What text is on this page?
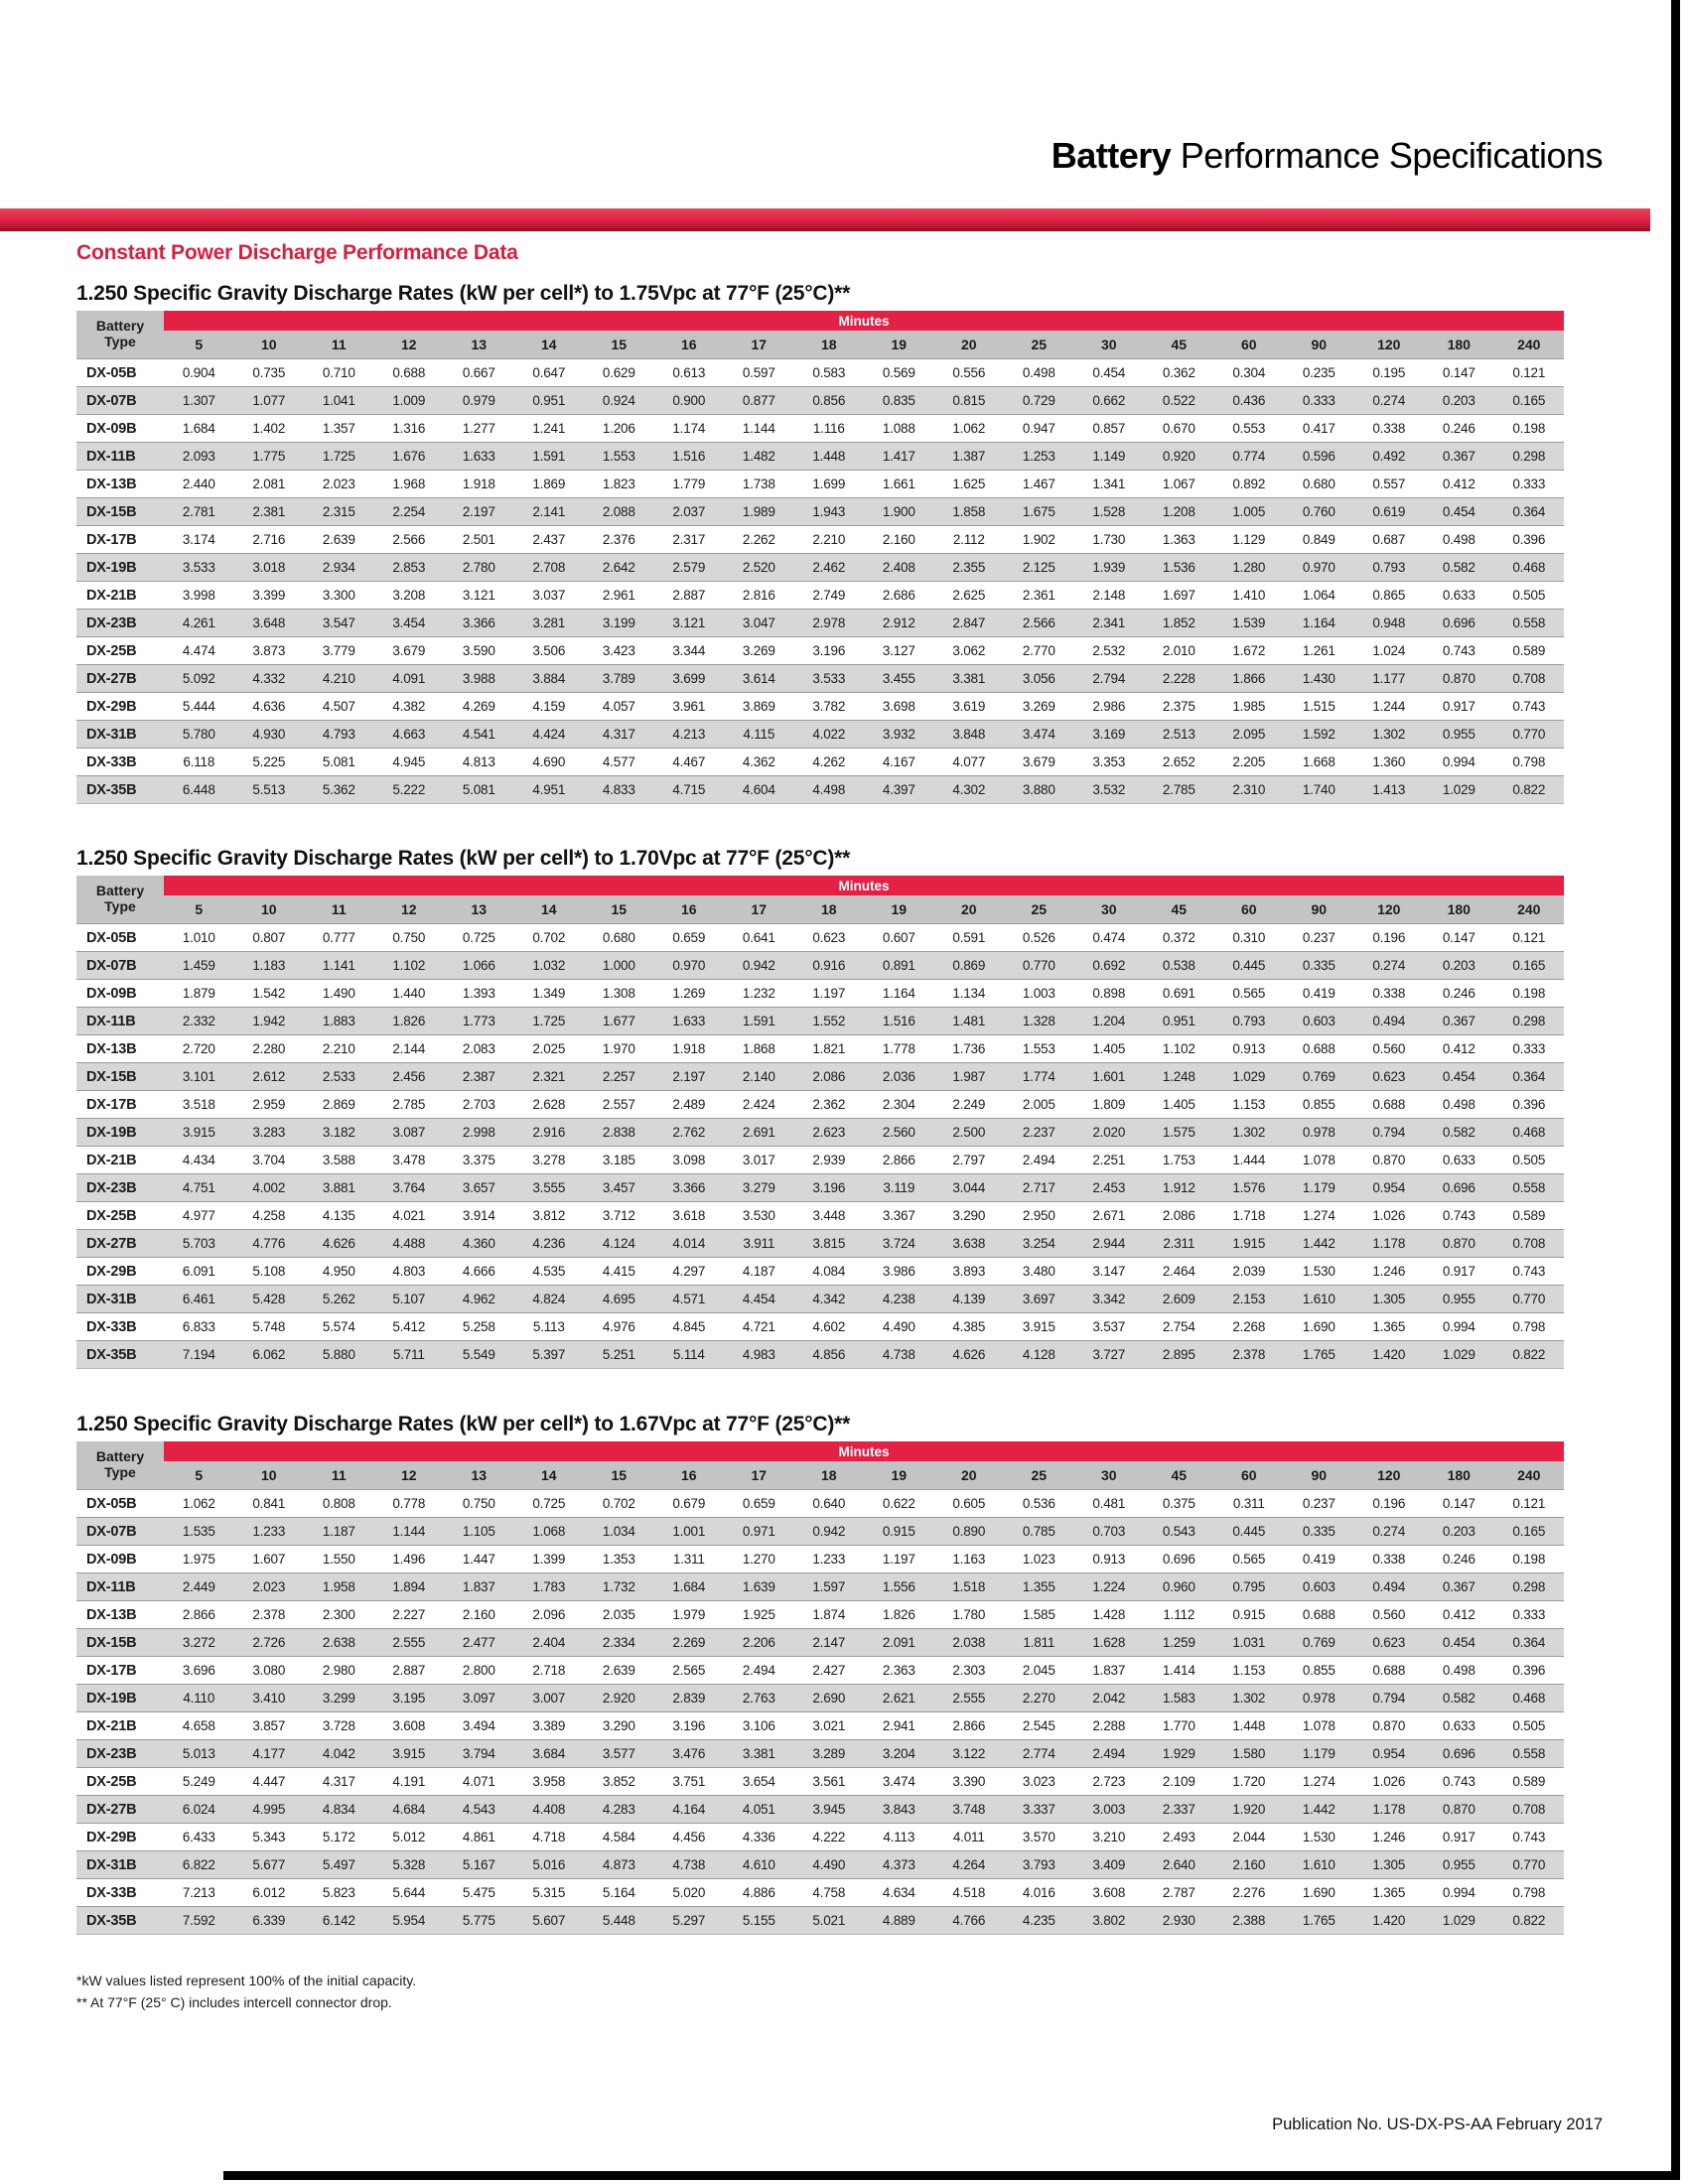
Battery Performance Specifications
Constant Power Discharge Performance Data
1.250 Specific Gravity Discharge Rates (kW per cell*) to 1.75Vpc at 77°F (25°C)**
Battery
Type	Minutes																			
	5	10	11	12	13	14	15	16	17	18	19	20	25	30	45	60	90	120	180	240
DX-05B	0.904	0.735	0.710	0.688	0.667	0.647	0.629	0.613	0.597	0.583	0.569	0.556	0.498	0.454	0.362	0.304	0.235	0.195	0.147	0.121
DX-07B	1.307	1.077	1.041	1.009	0.979	0.951	0.924	0.900	0.877	0.856	0.835	0.815	0.729	0.662	0.522	0.436	0.333	0.274	0.203	0.165
DX-09B	1.684	1.402	1.357	1.316	1.277	1.241	1.206	1.174	1.144	1.116	1.088	1.062	0.947	0.857	0.670	0.553	0.417	0.338	0.246	0.198
DX-11B	2.093	1.775	1.725	1.676	1.633	1.591	1.553	1.516	1.482	1.448	1.417	1.387	1.253	1.149	0.920	0.774	0.596	0.492	0.367	0.298
DX-13B	2.440	2.081	2.023	1.968	1.918	1.869	1.823	1.779	1.738	1.699	1.661	1.625	1.467	1.341	1.067	0.892	0.680	0.557	0.412	0.333
DX-15B	2.781	2.381	2.315	2.254	2.197	2.141	2.088	2.037	1.989	1.943	1.900	1.858	1.675	1.528	1.208	1.005	0.760	0.619	0.454	0.364
DX-17B	3.174	2.716	2.639	2.566	2.501	2.437	2.376	2.317	2.262	2.210	2.160	2.112	1.902	1.730	1.363	1.129	0.849	0.687	0.498	0.396
DX-19B	3.533	3.018	2.934	2.853	2.780	2.708	2.642	2.579	2.520	2.462	2.408	2.355	2.125	1.939	1.536	1.280	0.970	0.793	0.582	0.468
DX-21B	3.998	3.399	3.300	3.208	3.121	3.037	2.961	2.887	2.816	2.749	2.686	2.625	2.361	2.148	1.697	1.410	1.064	0.865	0.633	0.505
DX-23B	4.261	3.648	3.547	3.454	3.366	3.281	3.199	3.121	3.047	2.978	2.912	2.847	2.566	2.341	1.852	1.539	1.164	0.948	0.696	0.558
DX-25B	4.474	3.873	3.779	3.679	3.590	3.506	3.423	3.344	3.269	3.196	3.127	3.062	2.770	2.532	2.010	1.672	1.261	1.024	0.743	0.589
DX-27B	5.092	4.332	4.210	4.091	3.988	3.884	3.789	3.699	3.614	3.533	3.455	3.381	3.056	2.794	2.228	1.866	1.430	1.177	0.870	0.708
DX-29B	5.444	4.636	4.507	4.382	4.269	4.159	4.057	3.961	3.869	3.782	3.698	3.619	3.269	2.986	2.375	1.985	1.515	1.244	0.917	0.743
DX-31B	5.780	4.930	4.793	4.663	4.541	4.424	4.317	4.213	4.115	4.022	3.932	3.848	3.474	3.169	2.513	2.095	1.592	1.302	0.955	0.770
DX-33B	6.118	5.225	5.081	4.945	4.813	4.690	4.577	4.467	4.362	4.262	4.167	4.077	3.679	3.353	2.652	2.205	1.668	1.360	0.994	0.798
DX-35B	6.448	5.513	5.362	5.222	5.081	4.951	4.833	4.715	4.604	4.498	4.397	4.302	3.880	3.532	2.785	2.310	1.740	1.413	1.029	0.822
1.250 Specific Gravity Discharge Rates (kW per cell*) to 1.70Vpc at 77°F (25°C)**
Battery
Type	Minutes																			
	5	10	11	12	13	14	15	16	17	18	19	20	25	30	45	60	90	120	180	240
DX-05B	1.010	0.807	0.777	0.750	0.725	0.702	0.680	0.659	0.641	0.623	0.607	0.591	0.526	0.474	0.372	0.310	0.237	0.196	0.147	0.121
DX-07B	1.459	1.183	1.141	1.102	1.066	1.032	1.000	0.970	0.942	0.916	0.891	0.869	0.770	0.692	0.538	0.445	0.335	0.274	0.203	0.165
DX-09B	1.879	1.542	1.490	1.440	1.393	1.349	1.308	1.269	1.232	1.197	1.164	1.134	1.003	0.898	0.691	0.565	0.419	0.338	0.246	0.198
DX-11B	2.332	1.942	1.883	1.826	1.773	1.725	1.677	1.633	1.591	1.552	1.516	1.481	1.328	1.204	0.951	0.793	0.603	0.494	0.367	0.298
DX-13B	2.720	2.280	2.210	2.144	2.083	2.025	1.970	1.918	1.868	1.821	1.778	1.736	1.553	1.405	1.102	0.913	0.688	0.560	0.412	0.333
DX-15B	3.101	2.612	2.533	2.456	2.387	2.321	2.257	2.197	2.140	2.086	2.036	1.987	1.774	1.601	1.248	1.029	0.769	0.623	0.454	0.364
DX-17B	3.518	2.959	2.869	2.785	2.703	2.628	2.557	2.489	2.424	2.362	2.304	2.249	2.005	1.809	1.405	1.153	0.855	0.688	0.498	0.396
DX-19B	3.915	3.283	3.182	3.087	2.998	2.916	2.838	2.762	2.691	2.623	2.560	2.500	2.237	2.020	1.575	1.302	0.978	0.794	0.582	0.468
DX-21B	4.434	3.704	3.588	3.478	3.375	3.278	3.185	3.098	3.017	2.939	2.866	2.797	2.494	2.251	1.753	1.444	1.078	0.870	0.633	0.505
DX-23B	4.751	4.002	3.881	3.764	3.657	3.555	3.457	3.366	3.279	3.196	3.119	3.044	2.717	2.453	1.912	1.576	1.179	0.954	0.696	0.558
DX-25B	4.977	4.258	4.135	4.021	3.914	3.812	3.712	3.618	3.530	3.448	3.367	3.290	2.950	2.671	2.086	1.718	1.274	1.026	0.743	0.589
DX-27B	5.703	4.776	4.626	4.488	4.360	4.236	4.124	4.014	3.911	3.815	3.724	3.638	3.254	2.944	2.311	1.915	1.442	1.178	0.870	0.708
DX-29B	6.091	5.108	4.950	4.803	4.666	4.535	4.415	4.297	4.187	4.084	3.986	3.893	3.480	3.147	2.464	2.039	1.530	1.246	0.917	0.743
DX-31B	6.461	5.428	5.262	5.107	4.962	4.824	4.695	4.571	4.454	4.342	4.238	4.139	3.697	3.342	2.609	2.153	1.610	1.305	0.955	0.770
DX-33B	6.833	5.748	5.574	5.412	5.258	5.113	4.976	4.845	4.721	4.602	4.490	4.385	3.915	3.537	2.754	2.268	1.690	1.365	0.994	0.798
DX-35B	7.194	6.062	5.880	5.711	5.549	5.397	5.251	5.114	4.983	4.856	4.738	4.626	4.128	3.727	2.895	2.378	1.765	1.420	1.029	0.822
1.250 Specific Gravity Discharge Rates (kW per cell*) to 1.67Vpc at 77°F (25°C)**
Battery
Type	Minutes																			
	5	10	11	12	13	14	15	16	17	18	19	20	25	30	45	60	90	120	180	240
DX-05B	1.062	0.841	0.808	0.778	0.750	0.725	0.702	0.679	0.659	0.640	0.622	0.605	0.536	0.481	0.375	0.311	0.237	0.196	0.147	0.121
DX-07B	1.535	1.233	1.187	1.144	1.105	1.068	1.034	1.001	0.971	0.942	0.915	0.890	0.785	0.703	0.543	0.445	0.335	0.274	0.203	0.165
DX-09B	1.975	1.607	1.550	1.496	1.447	1.399	1.353	1.311	1.270	1.233	1.197	1.163	1.023	0.913	0.696	0.565	0.419	0.338	0.246	0.198
DX-11B	2.449	2.023	1.958	1.894	1.837	1.783	1.732	1.684	1.639	1.597	1.556	1.518	1.355	1.224	0.960	0.795	0.603	0.494	0.367	0.298
DX-13B	2.866	2.378	2.300	2.227	2.160	2.096	2.035	1.979	1.925	1.874	1.826	1.780	1.585	1.428	1.112	0.915	0.688	0.560	0.412	0.333
DX-15B	3.272	2.726	2.638	2.555	2.477	2.404	2.334	2.269	2.206	2.147	2.091	2.038	1.811	1.628	1.259	1.031	0.769	0.623	0.454	0.364
DX-17B	3.696	3.080	2.980	2.887	2.800	2.718	2.639	2.565	2.494	2.427	2.363	2.303	2.045	1.837	1.414	1.153	0.855	0.688	0.498	0.396
DX-19B	4.110	3.410	3.299	3.195	3.097	3.007	2.920	2.839	2.763	2.690	2.621	2.555	2.270	2.042	1.583	1.302	0.978	0.794	0.582	0.468
DX-21B	4.658	3.857	3.728	3.608	3.494	3.389	3.290	3.196	3.106	3.021	2.941	2.866	2.545	2.288	1.770	1.448	1.078	0.870	0.633	0.505
DX-23B	5.013	4.177	4.042	3.915	3.794	3.684	3.577	3.476	3.381	3.289	3.204	3.122	2.774	2.494	1.929	1.580	1.179	0.954	0.696	0.558
DX-25B	5.249	4.447	4.317	4.191	4.071	3.958	3.852	3.751	3.654	3.561	3.474	3.390	3.023	2.723	2.109	1.720	1.274	1.026	0.743	0.589
DX-27B	6.024	4.995	4.834	4.684	4.543	4.408	4.283	4.164	4.051	3.945	3.843	3.748	3.337	3.003	2.337	1.920	1.442	1.178	0.870	0.708
DX-29B	6.433	5.343	5.172	5.012	4.861	4.718	4.584	4.456	4.336	4.222	4.113	4.011	3.570	3.210	2.493	2.044	1.530	1.246	0.917	0.743
DX-31B	6.822	5.677	5.497	5.328	5.167	5.016	4.873	4.738	4.610	4.490	4.373	4.264	3.793	3.409	2.640	2.160	1.610	1.305	0.955	0.770
DX-33B	7.213	6.012	5.823	5.644	5.475	5.315	5.164	5.020	4.886	4.758	4.634	4.518	4.016	3.608	2.787	2.276	1.690	1.365	0.994	0.798
DX-35B	7.592	6.339	6.142	5.954	5.775	5.607	5.448	5.297	5.155	5.021	4.889	4.766	4.235	3.802	2.930	2.388	1.765	1.420	1.029	0.822

*kW values listed represent 100% of the initial capacity.

** At 77°F (25° C) includes intercell connector drop.

Publication No. US-DX-PS-AA February 2017
